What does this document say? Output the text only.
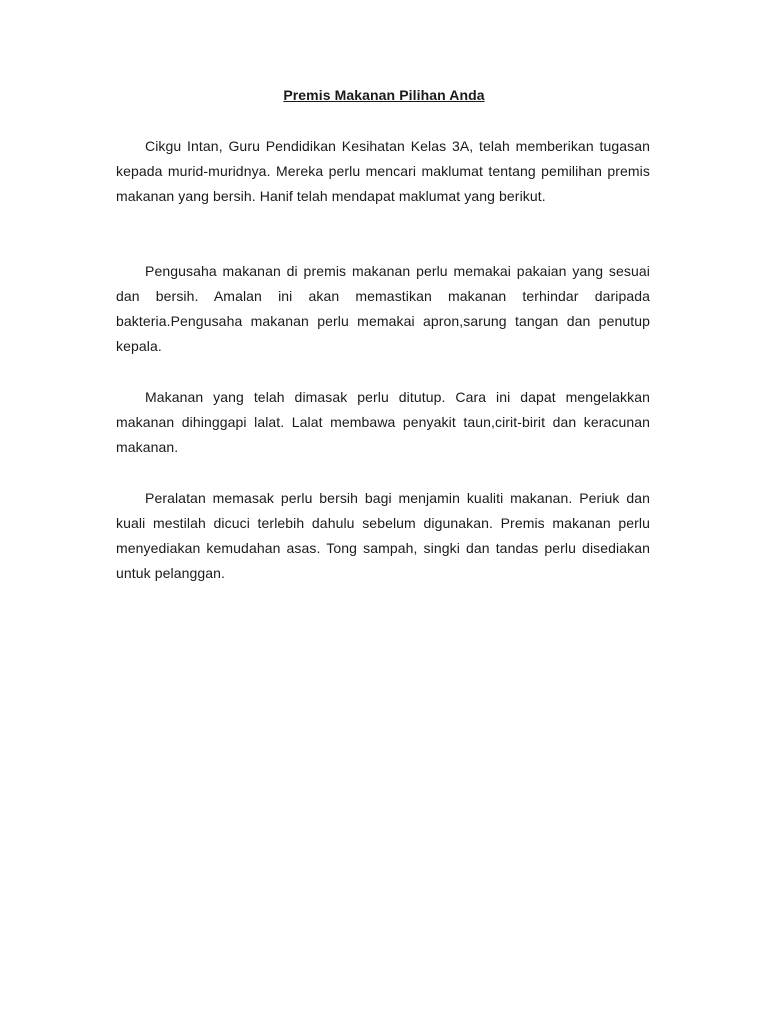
Premis Makanan Pilihan Anda

Cikgu Intan, Guru Pendidikan Kesihatan Kelas 3A, telah memberikan tugasan kepada murid-muridnya. Mereka perlu mencari maklumat tentang pemilihan premis makanan yang bersih. Hanif telah mendapat maklumat yang berikut.

Pengusaha makanan di premis makanan perlu memakai pakaian yang sesuai dan bersih. Amalan ini akan memastikan makanan terhindar daripada bakteria.Pengusaha makanan perlu memakai apron,sarung tangan dan penutup kepala.

Makanan yang telah dimasak perlu ditutup. Cara ini dapat mengelakkan makanan dihinggapi lalat. Lalat membawa penyakit taun,cirit-birit dan keracunan makanan.

Peralatan memasak perlu bersih bagi menjamin kualiti makanan. Periuk dan kuali mestilah dicuci terlebih dahulu sebelum digunakan. Premis makanan perlu menyediakan kemudahan asas. Tong sampah, singki dan tandas perlu disediakan untuk pelanggan.
